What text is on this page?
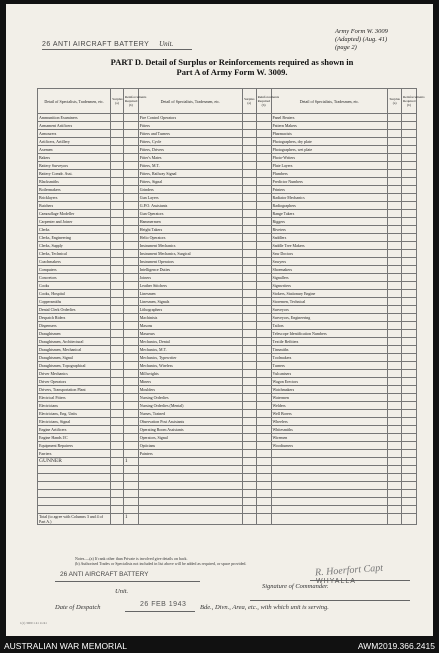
26 ANTI AIRCRAFT BATTERY Unit.
Army Form W. 3009
(Adapted) (Aug. 41)
(page 2)
PART D. Detail of Surplus or Reinforcements required as shown in
Part A of Army Form W. 3009.
Detail of Specialists, Tradesmen, etc.	Surplus (a)	Reinforcements Required (b)	Detail of Specialists, Tradesmen, etc.	Surplus (a)	Reinforcements Required (b)	Detail of Specialists, Tradesmen, etc.	Surplus (a)	Reinforcements Required (b)
Ammunition Examiners			Fire Control Operators			Panel Beaters		
Armament Artificers			Fitters			Pattern Makers		
Armourers			Fitters and Turners			Pharmacists		
Artificers, Artillery			Fitters, Cycle			Photographers, dry plate		
Axemen			Fitters, Drivers			Photographers, wet plate		
Bakers			Fitter's Mates			Photo-Writers		
Battery Surveyors			Fitters, M.T.			Plate Layers		
Battery Comdr. Asst.			Fitters, Railway Signal			Plumbers		
Blacksmiths			Fitters, Signal			Predictor Numbers		
Boilermakers			Grinders			Printers		
Bricklayers			Gun Layers			Radiator Mechanics		
Butchers			G.P.O. Assistants			Radiographers		
Camouflage Modeller			Gun Operators			Range Takers		
Carpenter and Joiner			Hammermen			Riggers		
Clerks			Height Takers			Riveters		
Clerks, Engineering			Helio Operators			Saddlers		
Clerks, Supply			Instrument Mechanics			Saddle Tree Makers		
Clerks, Technical			Instrument Mechanics, Surgical			Saw Doctors		
Coachmakers			Instrument Operators			Sawyers		
Computers			Intelligence Duties			Shoemakers		
Concretors			Joiners			Signallers		
Cooks			Leather Stitchers			Signwriters		
Cooks, Hospital			Linesmen			Stokers, Stationary Engine		
Coppersmiths			Linesmen, Signals			Storemen, Technical		
Dental Clerk Orderlies			Lithographers			Surveyors		
Despatch Riders			Machinists			Surveyors, Engineering		
Dispensers			Masons			Tailors		
Draughtsmen			Masseurs			Telescope Identification Numbers		
Draughtsmen, Architectural			Mechanics, Dental			Textile Refitters		
Draughtsmen, Mechanical			Mechanics, M.T.			Tinsmiths		
Draughtsmen, Signal			Mechanics, Typewriter			Toolmakers		
Draughtsmen, Topographical			Mechanics, Wireless			Turners		
Driver Mechanics			Millwrights			Vulcanisers		
Driver Operators			Miners			Wagon Erectors		
Drivers, Transportation Plant			Moulders			Watchmakers		
Electrical Fitters			Nursing Orderlies			Watermen		
Electricians			Nursing Orderlies (Mental)			Welders		
Electricians, Eng. Units			Nurses, Trained			Well Borers		
Electricians, Signal			Observation Post Assistants			Wheelers		
Engine Artificers			Operating Room Assistants			Whitesmiths		
Engine Hands I/C			Operators, Signal			Wiremen		
Equipment Repairers			Opticians			Woodturners		
Farriers			Painters					
GUNNER		1						

Total (to agree with Columns 3 and 4 of Part A.)		1						
Notes.—(a) If rank other than Private is involved give details on back.
(b) Authorised Trades or Specialists not included in list above will be added as required, or space provided.
26 ANTI AIRCRAFT BATTERY
Unit.
R. Hoerfort Capt
Signature of Commander.
WHYALLA
Date of Despatch	26 FEB 1943 Bde., Divn., Area, etc., with which unit is serving.
1(1) 3000 1 41 11/41
AUSTRALIAN WAR MEMORIAL	AWM2019.366.2415
